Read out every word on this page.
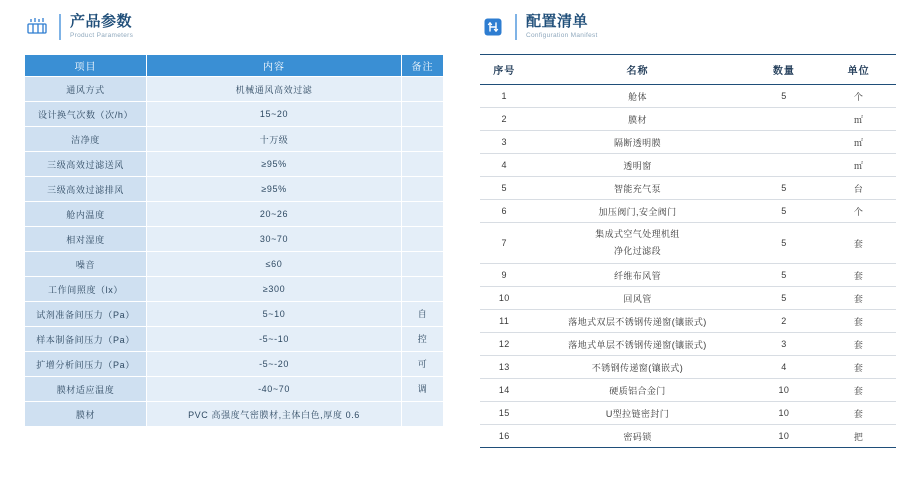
产品参数
Product Parameters
项目	内容	备注
通风方式	机械通风高效过滤	
设计换气次数（次/h）	15~20	
洁净度	十万级	
三级高效过滤送风	≥95%	
三级高效过滤排风	≥95%	
舱内温度	20~26	
相对湿度	30~70	
噪音	≤60	
工作间照度（lx）	≥300	
试剂准备间压力（Pa）	5~10	自
样本制备间压力（Pa）	-5~-10	控
扩增分析间压力（Pa）	-5~-20	可
膜材适应温度	-40~70	调
膜材	PVC 高强度气密膜材,主体白色,厚度 0.6	
配置清单
Configuration Manifest
序号	名称	数量	单位
1	舱体	5	个
2	膜材		㎡
3	隔断透明膜		㎡
4	透明窗		㎡
5	智能充气泵	5	台
6	加压阀门,安全阀门	5	个
7	集成式空气处理机组
净化过滤段	5	套
9	纤维布风管	5	套
10	回风管	5	套
11	落地式双层不锈钢传递窗(镶嵌式)	2	套
12	落地式单层不锈钢传递窗(镶嵌式)	3	套
13	不锈钢传递窗(镶嵌式)	4	套
14	硬质铝合金门	10	套
15	U型拉链密封门	10	套
16	密码锁	10	把
